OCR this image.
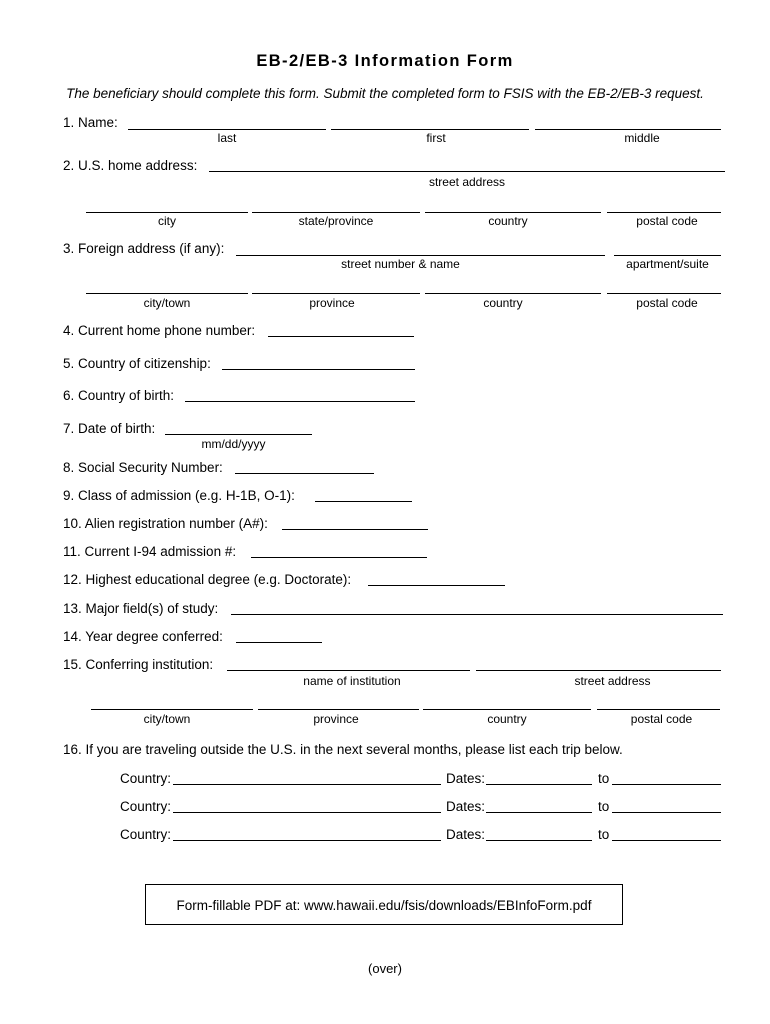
EB-2/EB-3 Information Form
The beneficiary should complete this form. Submit the completed form to FSIS with the EB-2/EB-3 request.
1. Name:
last	first	middle
2. U.S. home address:
street address
city	state/province	country	postal code
3. Foreign address (if any):
street number & name	apartment/suite
city/town	province	country	postal code
4. Current home phone number:
5. Country of citizenship:
6. Country of birth:
7. Date of birth:
mm/dd/yyyy
8. Social Security Number:
9. Class of admission (e.g. H-1B, O-1):
10. Alien registration number (A#):
11. Current I-94 admission #:
12. Highest educational degree (e.g. Doctorate):
13. Major field(s) of study:
14. Year degree conferred:
15. Conferring institution:
name of institution	street address
city/town	province	country	postal code
16. If you are traveling outside the U.S. in the next several months, please list each trip below.
Country:	Dates:	to
Country:	Dates:	to
Country:	Dates:	to
Form-fillable PDF at: www.hawaii.edu/fsis/downloads/EBInfoForm.pdf
(over)
